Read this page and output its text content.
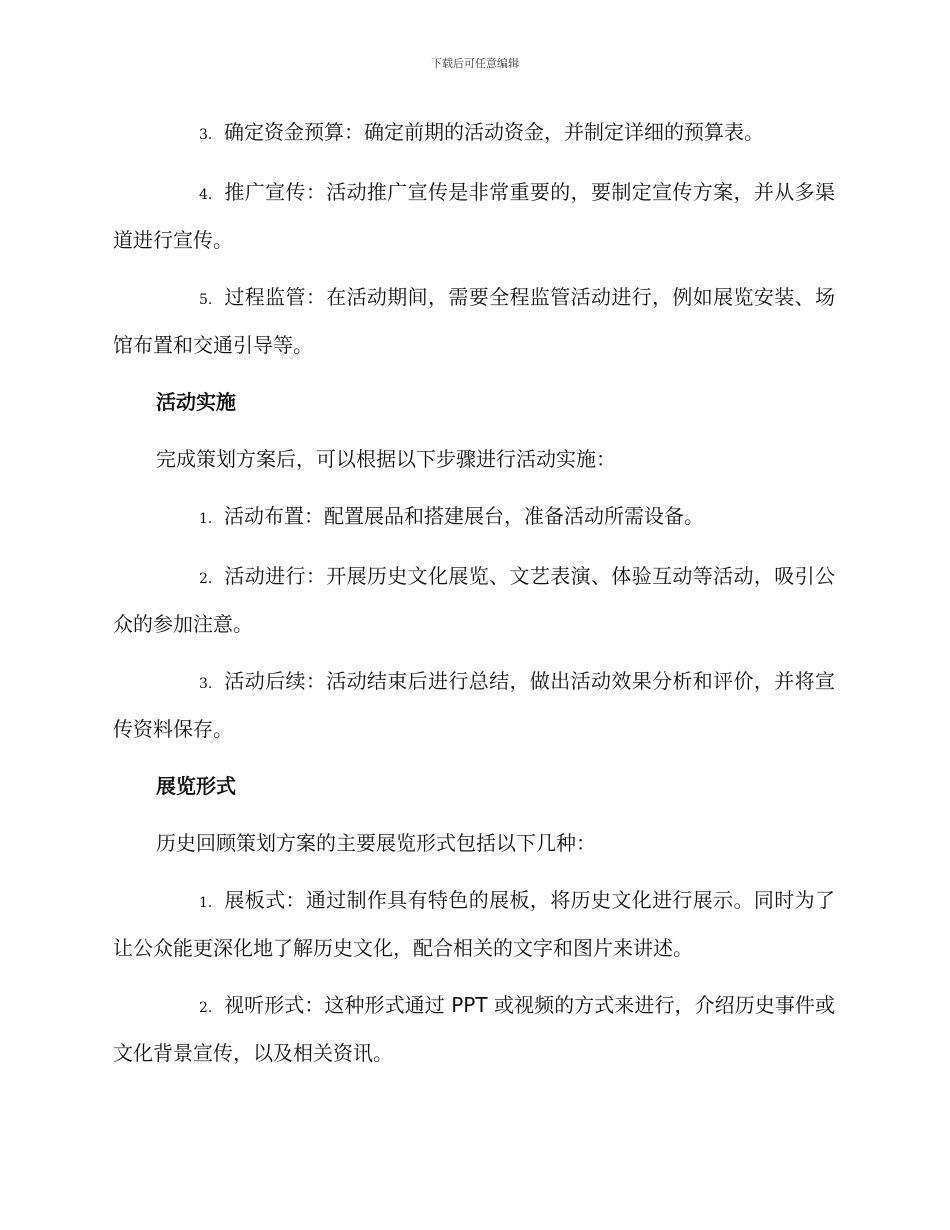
下载后可任意编辑

3. 确定资金预算：确定前期的活动资金，并制定详细的预算表。

4. 推广宣传：活动推广宣传是非常重要的，要制定宣传方案，并从多渠道进行宣传。

5. 过程监管：在活动期间，需要全程监管活动进行，例如展览安装、场馆布置和交通引导等。

活动实施

完成策划方案后，可以根据以下步骤进行活动实施：

1. 活动布置：配置展品和搭建展台，准备活动所需设备。

2. 活动进行：开展历史文化展览、文艺表演、体验互动等活动，吸引公众的参加注意。

3. 活动后续：活动结束后进行总结，做出活动效果分析和评价，并将宣传资料保存。

展览形式

历史回顾策划方案的主要展览形式包括以下几种：

1. 展板式：通过制作具有特色的展板，将历史文化进行展示。同时为了让公众能更深化地了解历史文化，配合相关的文字和图片来讲述。

2. 视听形式：这种形式通过 PPT 或视频的方式来进行，介绍历史事件或文化背景宣传，以及相关资讯。
